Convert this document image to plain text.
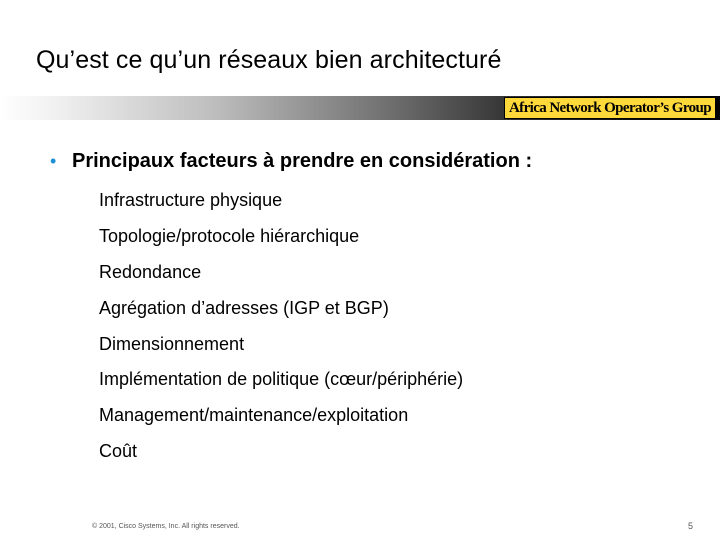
Qu’est ce qu’un réseaux bien architecturé
Africa Network Operator’s Group
• Principaux facteurs à prendre en considération :
Infrastructure physique
Topologie/protocole hiérarchique
Redondance
Agrégation d’adresses (IGP et BGP)
Dimensionnement
Implémentation de politique (cœur/périphérie)
Management/maintenance/exploitation
Coût
© 2001, Cisco Systems, Inc. All rights reserved.	5
